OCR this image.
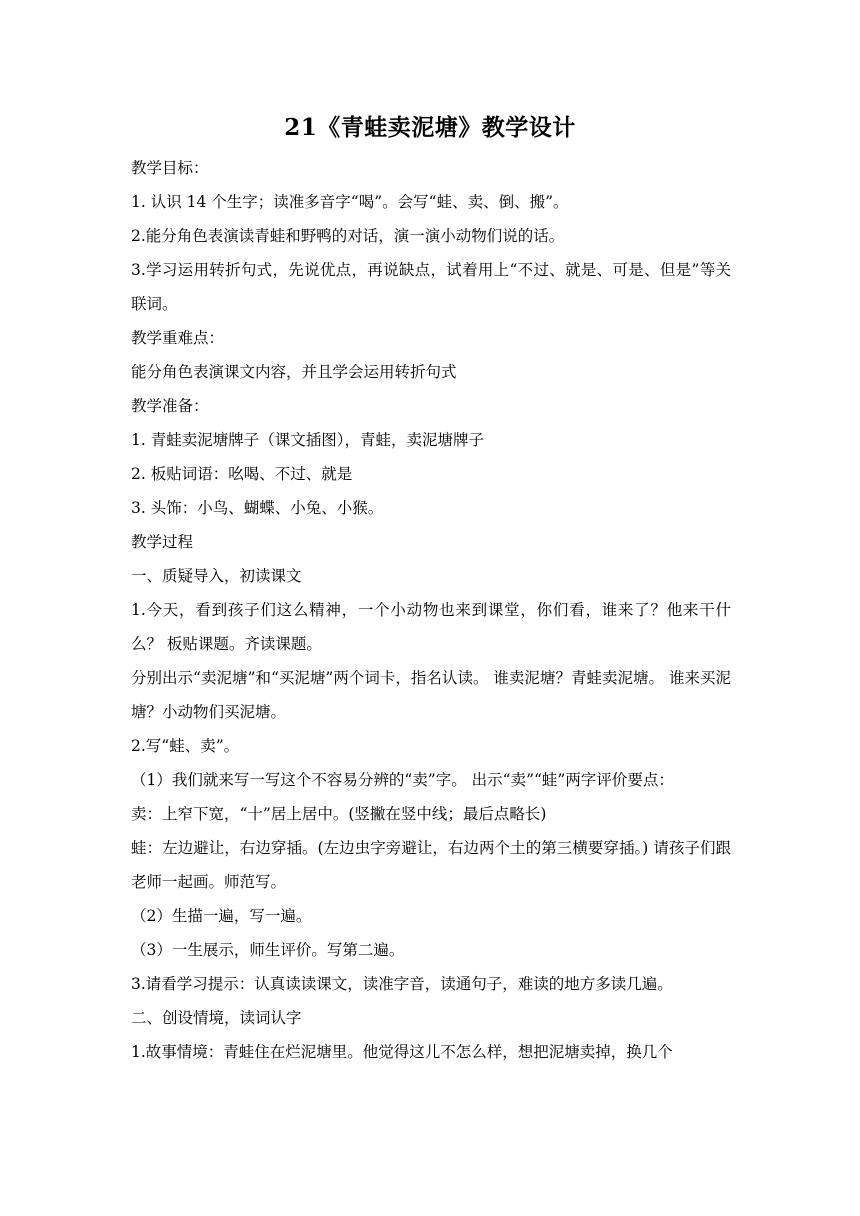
21《青蛙卖泥塘》教学设计

教学目标：

1. 认识 14 个生字；读准多音字“喝”。会写“蛙、卖、倒、搬”。

2.能分角色表演读青蛙和野鸭的对话，演一演小动物们说的话。

3.学习运用转折句式，先说优点，再说缺点，试着用上“不过、就是、可是、但是”等关联词。

教学重难点：

能分角色表演课文内容，并且学会运用转折句式

教学准备：

1. 青蛙卖泥塘牌子（课文插图），青蛙，卖泥塘牌子

2. 板贴词语：吆喝、不过、就是

3. 头饰：小鸟、蝴蝶、小兔、小猴。

教学过程

一、质疑导入，初读课文

1.今天，看到孩子们这么精神，一个小动物也来到课堂，你们看，谁来了？他来干什么？ 板贴课题。齐读课题。

分别出示“卖泥塘”和“买泥塘”两个词卡，指名认读。 谁卖泥塘？青蛙卖泥塘。 谁来买泥塘？小动物们买泥塘。

2.写“蛙、卖”。

（1）我们就来写一写这个不容易分辨的“卖”字。 出示“卖”“蛙”两字评价要点：

卖：上窄下宽，“十”居上居中。(竖撇在竖中线；最后点略长)

蛙：左边避让，右边穿插。(左边虫字旁避让，右边两个土的第三横要穿插。) 请孩子们跟老师一起画。师范写。

（2）生描一遍，写一遍。

（3）一生展示，师生评价。写第二遍。

3.请看学习提示：认真读读课文，读准字音，读通句子，难读的地方多读几遍。

二、创设情境，读词认字

1.故事情境：青蛙住在烂泥塘里。他觉得这儿不怎么样，想把泥塘卖掉，换几个
